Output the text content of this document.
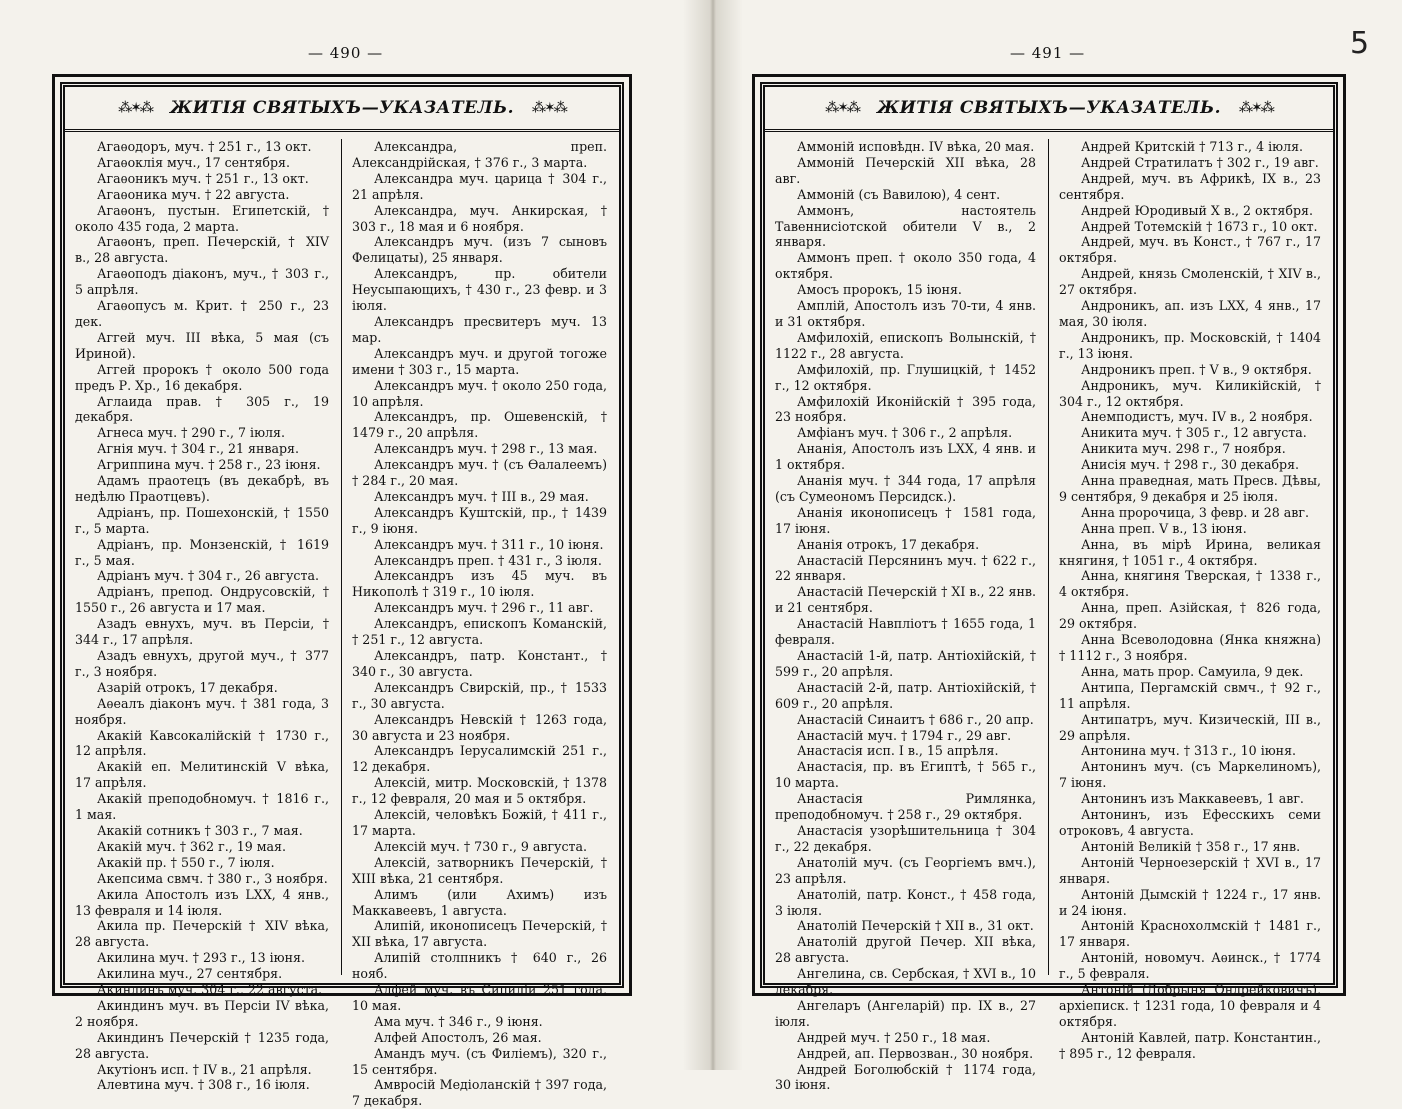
— 490 —
⁂✶⁂ ЖИТІЯ СВЯТЫХЪ—УКАЗАТЕЛЬ. ⁂✶⁂

Агаѳодоръ, муч. † 251 г., 13 окт.

Агаѳоклія муч., 17 сентября.

Агаѳоникъ муч. † 251 г., 13 окт.

Агаѳоника муч. † 22 августа.

Агаѳонъ, пустын. Египетскій, † около 435 года, 2 марта.

Агаѳонъ, преп. Печерскій, † XIV в., 28 августа.

Агаѳоподъ діаконъ, муч., † 303 г., 5 апрѣля.

Агаѳопусъ м. Крит. † 250 г., 23 дек.

Аггей муч. III вѣка, 5 мая (съ Ириной).

Аггей пророкъ † около 500 года предъ Р. Хр., 16 декабря.

Аглаида прав. † 305 г., 19 декабря.

Агнеса муч. † 290 г., 7 іюля.

Агнія муч. † 304 г., 21 января.

Агриппина муч. † 258 г., 23 іюня.

Адамъ праотецъ (въ декабрѣ, въ недѣлю Праотцевъ).

Адріанъ, пр. Пошехонскій, † 1550 г., 5 марта.

Адріанъ, пр. Монзенскій, † 1619 г., 5 мая.

Адріанъ муч. † 304 г., 26 августа.

Адріанъ, препод. Ондрусовскій, † 1550 г., 26 августа и 17 мая.

Азадъ евнухъ, муч. въ Персіи, † 344 г., 17 апрѣля.

Азадъ евнухъ, другой муч., † 377 г., 3 ноября.

Азарій отрокъ, 17 декабря.

Аѳеалъ діаконъ муч. † 381 года, 3 ноября.

Акакій Кавсокалійскій † 1730 г., 12 апрѣля.

Акакій еп. Мелитинскій V вѣка, 17 апрѣля.

Акакій преподобномуч. † 1816 г., 1 мая.

Акакій сотникъ † 303 г., 7 мая.

Акакій муч. † 362 г., 19 мая.

Акакій пр. † 550 г., 7 іюля.

Акепсима свмч. † 380 г., 3 ноября.

Акила Апостолъ изъ LXX, 4 янв., 13 февраля и 14 іюля.

Акила пр. Печерскій † XIV вѣка, 28 августа.

Акилина муч. † 293 г., 13 іюня.

Акилина муч., 27 сентября.

Акиндинъ муч. 304 г., 22 августа.

Акиндинъ муч. въ Персіи IV вѣка, 2 ноября.

Акиндинъ Печерскій † 1235 года, 28 августа.

Акутіонъ исп. † IV в., 21 апрѣля.

Алевтина муч. † 308 г., 16 іюля.

Александра, преп. Александрійская, † 376 г., 3 марта.

Александра муч. царица † 304 г., 21 апрѣля.

Александра, муч. Анкирская, † 303 г., 18 мая и 6 ноября.

Александръ муч. (изъ 7 сыновъ Фелицаты), 25 января.

Александръ, пр. обители Неусыпающихъ, † 430 г., 23 февр. и 3 іюля.

Александръ пресвитеръ муч. 13 мар.

Александръ муч. и другой тогоже имени † 303 г., 15 марта.

Александръ муч. † около 250 года, 10 апрѣля.

Александръ, пр. Ошевенскій, † 1479 г., 20 апрѣля.

Александръ муч. † 298 г., 13 мая.

Александръ муч. † (съ Ѳалалеемъ) † 284 г., 20 мая.

Александръ муч. † III в., 29 мая.

Александръ Куштскій, пр., † 1439 г., 9 іюня.

Александръ муч. † 311 г., 10 іюня.

Александръ преп. † 431 г., 3 іюля.

Александръ изъ 45 муч. въ Никополѣ † 319 г., 10 іюля.

Александръ муч. † 296 г., 11 авг.

Александръ, епископъ Команскій, † 251 г., 12 августа.

Александръ, патр. Констант., † 340 г., 30 августа.

Александръ Свирскій, пр., † 1533 г., 30 августа.

Александръ Невскій † 1263 года, 30 августа и 23 ноября.

Александръ Іерусалимскій 251 г., 12 декабря.

Алексій, митр. Московскій, † 1378 г., 12 февраля, 20 мая и 5 октября.

Алексій, человѣкъ Божій, † 411 г., 17 марта.

Алексій муч. † 730 г., 9 августа.

Алексій, затворникъ Печерскій, † XIII вѣка, 21 сентября.

Алимъ (или Ахимъ) изъ Маккавеевъ, 1 августа.

Алипій, иконописецъ Печерскій, † XII вѣка, 17 августа.

Алипій столпникъ † 640 г., 26 нояб.

Алфей муч. въ Сициліи 251 года, 10 мая.

Ама муч. † 346 г., 9 іюня.

Алфей Апостолъ, 26 мая.

Амандъ муч. (съ Филіемъ), 320 г., 15 сентября.

Амвросій Медіоланскій † 397 года, 7 декабря.

— 491 —	5
⁂✶⁂ ЖИТІЯ СВЯТЫХЪ—УКАЗАТЕЛЬ. ⁂✶⁂

Аммоній исповѣдн. IV вѣка, 20 мая.

Аммоній Печерскій XII вѣка, 28 авг.

Аммоній (съ Вавилою), 4 сент.

Аммонъ, настоятель Тавеннисіотской обители V в., 2 января.

Аммонъ преп. † около 350 года, 4 октября.

Амосъ пророкъ, 15 іюня.

Амплій, Апостолъ изъ 70-ти, 4 янв. и 31 октября.

Амфилохій, епископъ Волынскій, † 1122 г., 28 августа.

Амфилохій, пр. Глушицкій, † 1452 г., 12 октября.

Амфилохій Иконійскій † 395 года, 23 ноября.

Амфіанъ муч. † 306 г., 2 апрѣля.

Ананія, Апостолъ изъ LXX, 4 янв. и 1 октября.

Ананія муч. † 344 года, 17 апрѣля (съ Сумеономъ Персидск.).

Ананія иконописецъ † 1581 года, 17 іюня.

Ананія отрокъ, 17 декабря.

Анастасій Персянинъ муч. † 622 г., 22 января.

Анастасій Печерскій † XI в., 22 янв. и 21 сентября.

Анастасій Навпліотъ † 1655 года, 1 февраля.

Анастасій 1-й, патр. Антіохійскій, † 599 г., 20 апрѣля.

Анастасій 2-й, патр. Антіохійскій, † 609 г., 20 апрѣля.

Анастасій Синаитъ † 686 г., 20 апр.

Анастасій муч. † 1794 г., 29 авг.

Анастасія исп. I в., 15 апрѣля.

Анастасія, пр. въ Египтѣ, † 565 г., 10 марта.

Анастасія Римлянка, преподобномуч. † 258 г., 29 октября.

Анастасія узорѣшительница † 304 г., 22 декабря.

Анатолій муч. (съ Георгіемъ вмч.), 23 апрѣля.

Анатолій, патр. Конст., † 458 года, 3 іюля.

Анатолій Печерскій † XII в., 31 окт.

Анатолій другой Печер. XII вѣка, 28 августа.

Ангелина, св. Сербская, † XVI в., 10 декабря.

Ангеларъ (Ангеларій) пр. IX в., 27 іюля.

Андрей муч. † 250 г., 18 мая.

Андрей, ап. Первозван., 30 ноября.

Андрей Боголюбскій † 1174 года, 30 іюня.

Андрей Критскій † 713 г., 4 іюля.

Андрей Стратилатъ † 302 г., 19 авг.

Андрей, муч. въ Африкѣ, IX в., 23 сентября.

Андрей Юродивый X в., 2 октября.

Андрей Тотемскій † 1673 г., 10 окт.

Андрей, муч. въ Конст., † 767 г., 17 октября.

Андрей, князь Смоленскій, † XIV в., 27 октября.

Андроникъ, ап. изъ LXX, 4 янв., 17 мая, 30 іюля.

Андроникъ, пр. Московскій, † 1404 г., 13 іюня.

Андроникъ преп. † V в., 9 октября.

Андроникъ, муч. Киликійскій, † 304 г., 12 октября.

Анемподистъ, муч. IV в., 2 ноября.

Аникита муч. † 305 г., 12 августа.

Аникита муч. 298 г., 7 ноября.

Анисія муч. † 298 г., 30 декабря.

Анна праведная, мать Пресв. Дѣвы, 9 сентября, 9 декабря и 25 іюля.

Анна пророчица, 3 февр. и 28 авг.

Анна преп. V в., 13 іюня.

Анна, въ мірѣ Ирина, великая княгиня, † 1051 г., 4 октября.

Анна, княгиня Тверская, † 1338 г., 4 октября.

Анна, преп. Азійская, † 826 года, 29 октября.

Анна Всеволодовна (Янка княжна) † 1112 г., 3 ноября.

Анна, мать прор. Самуила, 9 дек.

Антипа, Пергамскій свмч., † 92 г., 11 апрѣля.

Антипатръ, муч. Кизическій, III в., 29 апрѣля.

Антонина муч. † 313 г., 10 іюня.

Антонинъ муч. (съ Маркелиномъ), 7 іюня.

Антонинъ изъ Маккавеевъ, 1 авг.

Антонинъ, изъ Ефесскихъ семи отроковъ, 4 августа.

Антоній Великій † 358 г., 17 янв.

Антоній Черноезерскій † XVI в., 17 января.

Антоній Дымскій † 1224 г., 17 янв. и 24 іюня.

Антоній Краснохолмскій † 1481 г., 17 января.

Антоній, новомуч. Аѳинск., † 1774 г., 5 февраля.

Антоній (Добрыня Ондрейковичъ), архіеписк. † 1231 года, 10 февраля и 4 октября.

Антоній Кавлей, патр. Константин., † 895 г., 12 февраля.
